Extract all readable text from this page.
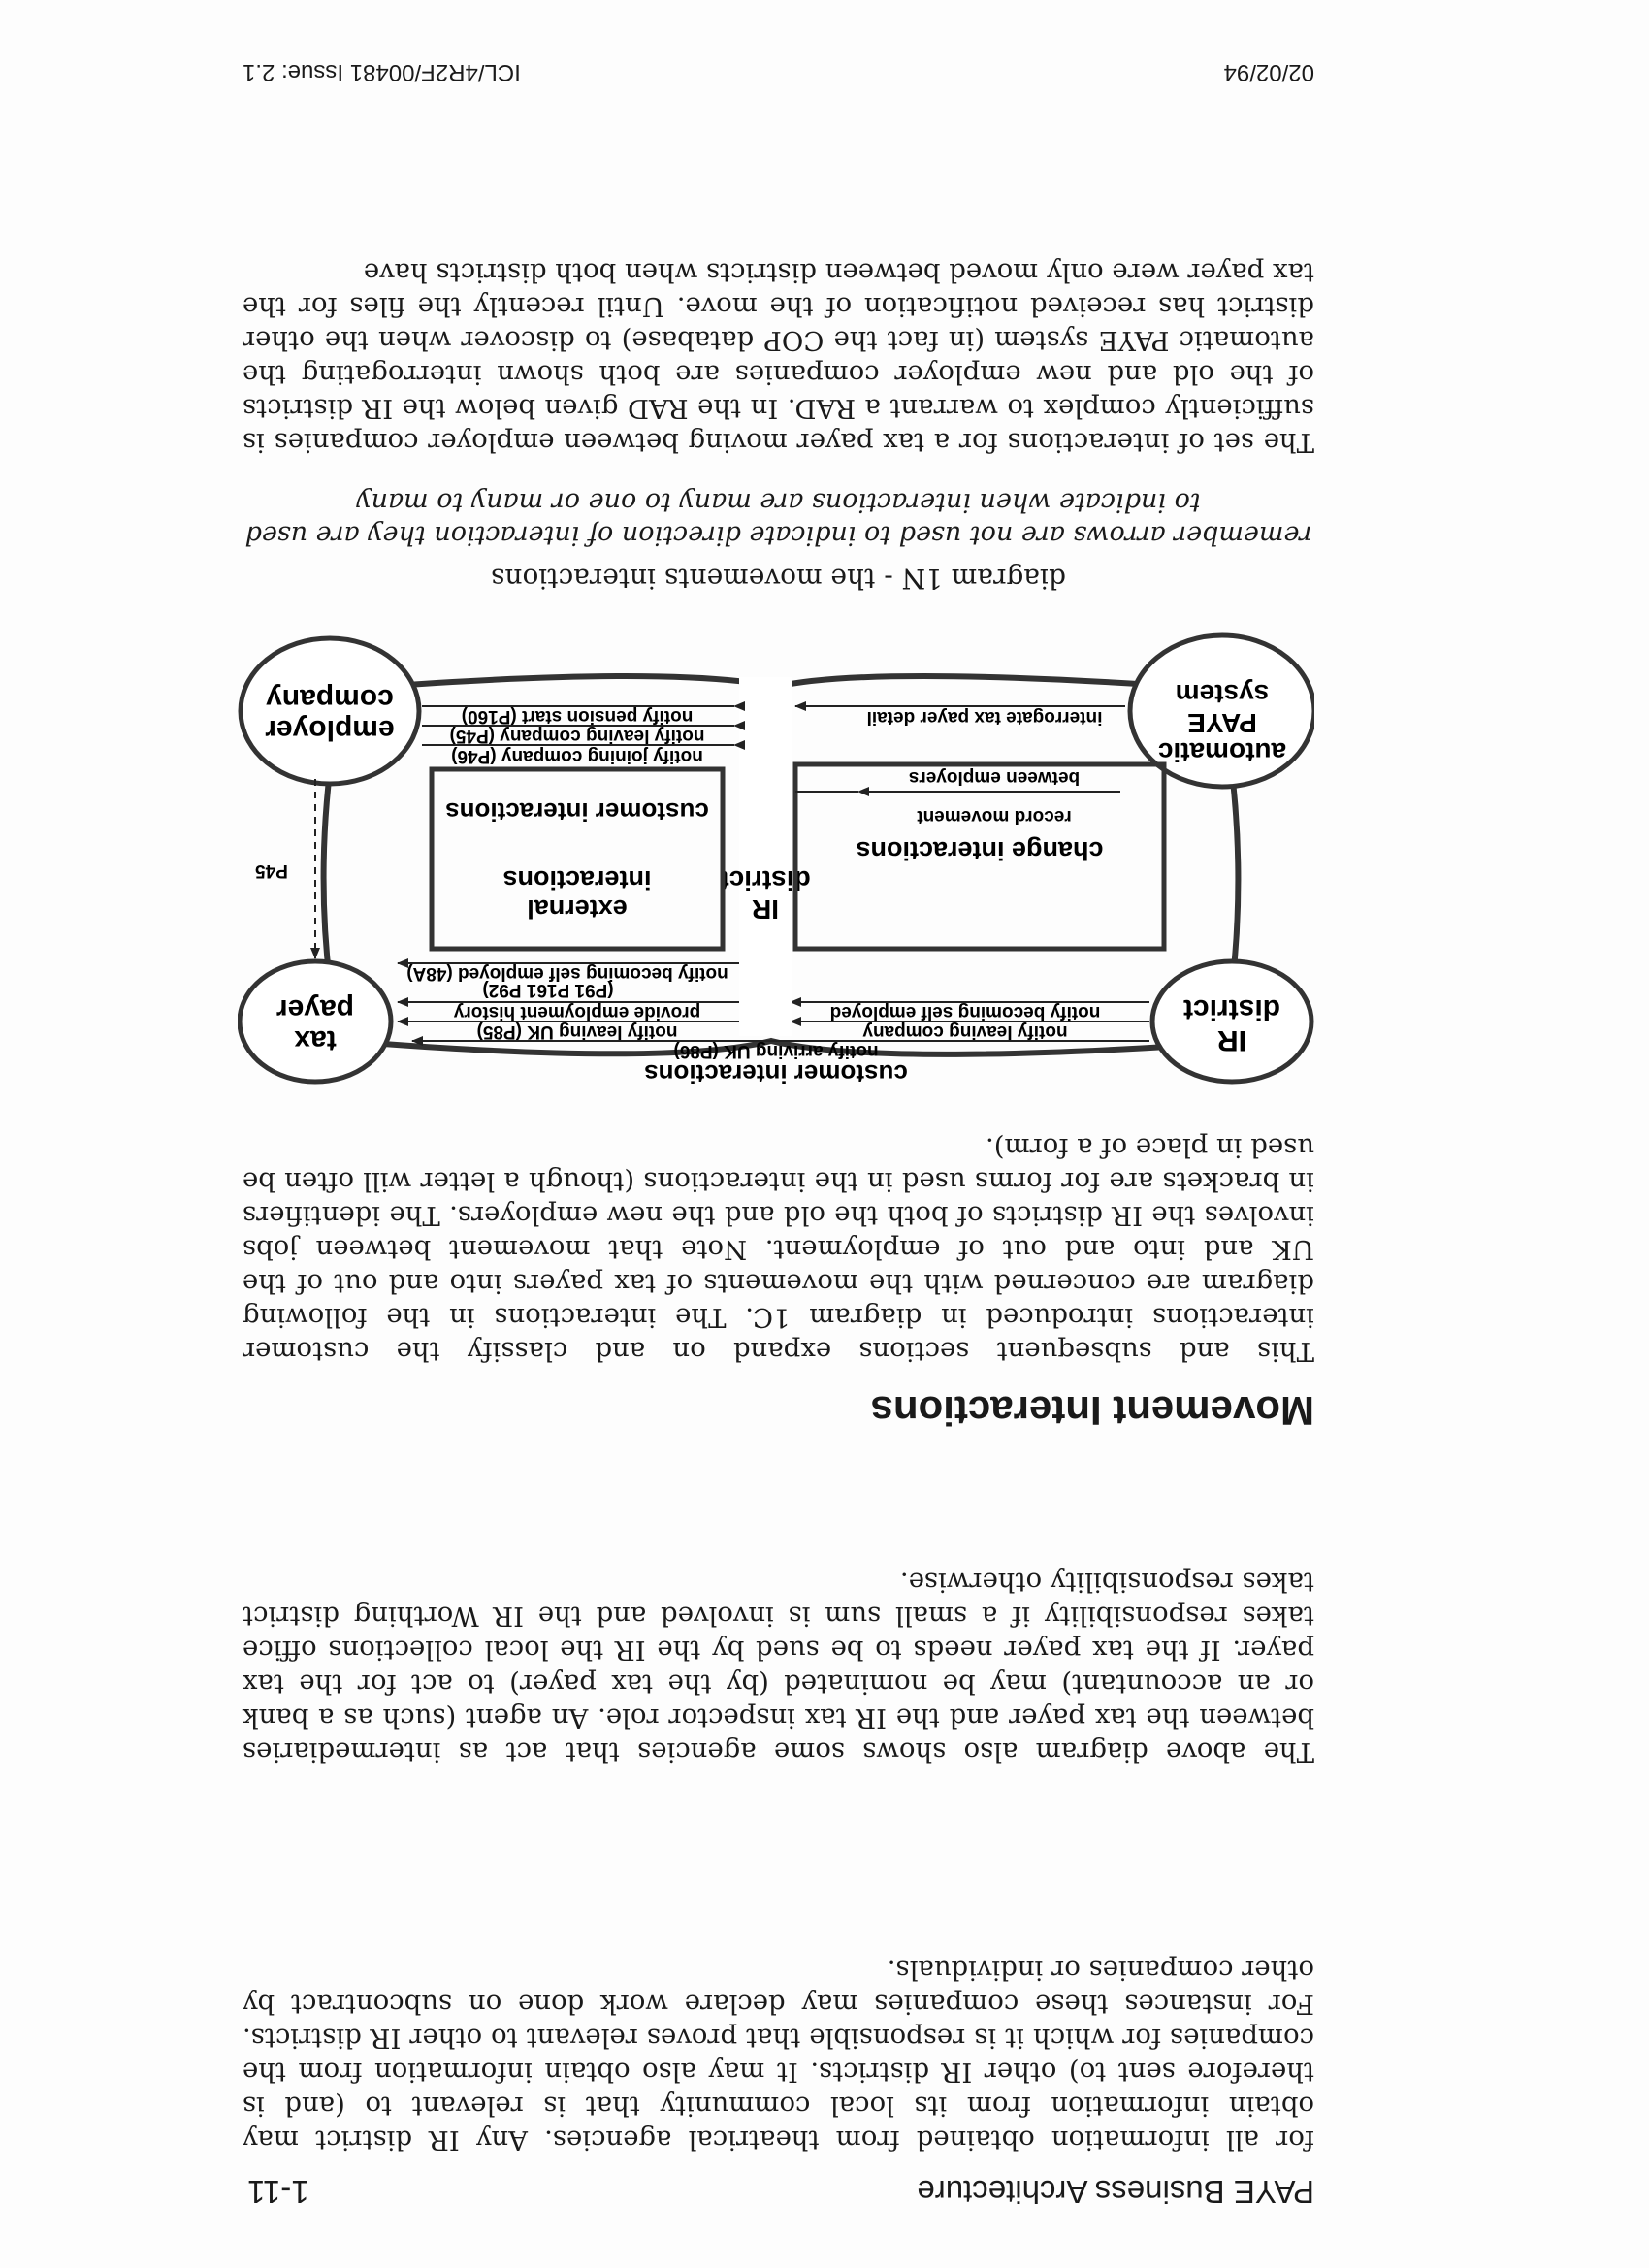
PAYE Business Architecture
1-11

for all information obtained from theatrical agencies. Any IR district may obtain information from its local community that is relevant to (and is therefore sent to) other IR districts. It may also obtain information from the companies for which it is responsible that proves relevant to other IR districts. For instances these companies may declare work done on subcontract by other companies or individuals.

The above diagram also shows some agencies that act as intermediaries between the tax payer and the IR tax inspector role. An agent (such as a bank or an accountant) may be nominated (by the tax payer) to act for the tax payer. If the tax payer needs to be sued by the IR the local collections office takes responsibility if a small sum is involved and the IR Worthing district takes responsibility otherwise.

Movement Interactions

This and subsequent sections expand on and classify the customer interactions introduced in diagram 1C. The interactions in the following diagram are concerned with the movements of tax payers into and out of the UK and into and out of employment. Note that movement between jobs involves the IR districts of both the old and the new employers. The identifiers in brackets are for forms used in the interactions (though a letter will often be used in place of a form).

IRdistrict
taxpayer
automaticPAYEsystem
employercompany
customer interactions
notify arriving UK (P86)
notify leaving company
notify leaving UK (P85)
notify becoming self employed
provide employment history
(P91 P161 P92)
notify becoming self employed (48A)
IRdistrict
externalinteractions
customer interactions
change interactions
P45
record movement
between employers
interrogate tax payer detail
notify joining company (P46)
notify leaving company (P45)
notify pension start (P160)

diagram 1N - the movements interactions

remember arrows are not used to indicate direction of interaction they are used to indicate when interactions are many to one or many to many

The set of interactions for a tax payer moving between employer companies is sufficiently complex to warrant a RAD. In the RAD given below the IR districts of the old and new employer companies are both shown interrogating the automatic PAYE system (in fact the COP database) to discover when the other district has received notification of the move. Until recently the files for the tax payer were only moved between districts when both districts have

02/02/94
ICL/4R2F/00481 Issue: 2.1
